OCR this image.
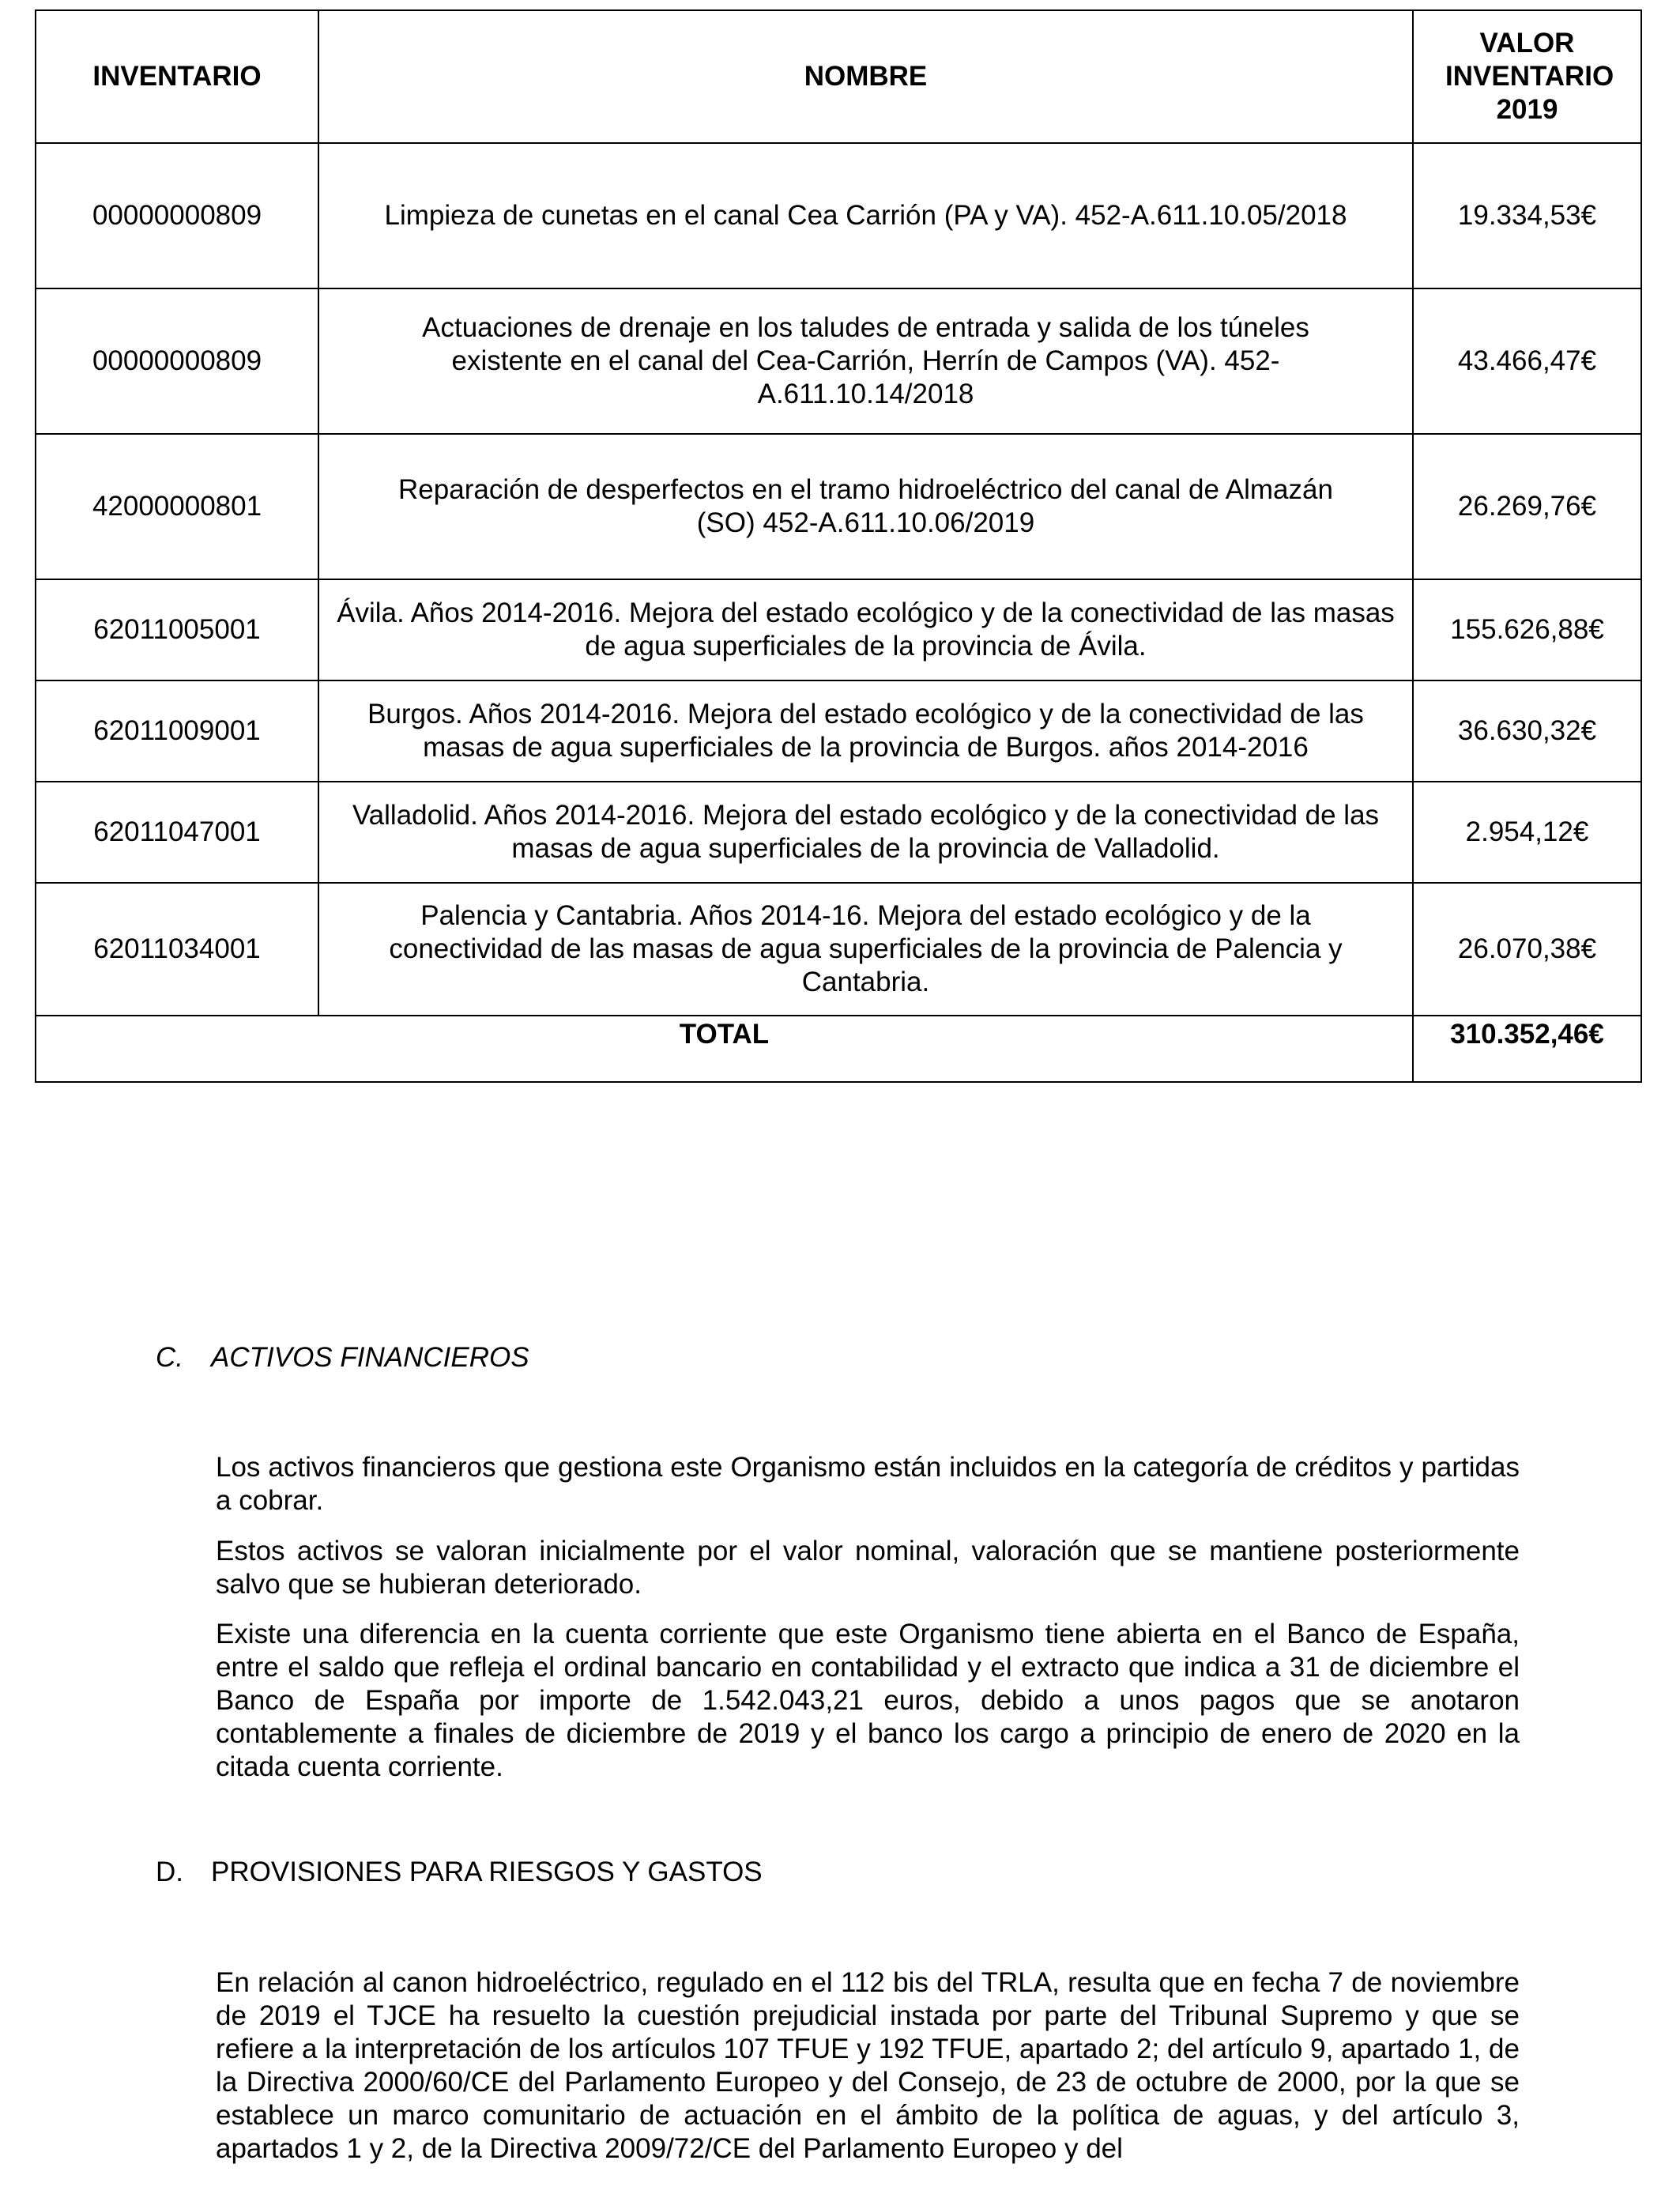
INVENTARIO	NOMBRE	VALOR INVENTARIO 2019
00000000809	Limpieza de cunetas en el canal Cea Carrión (PA y VA). 452-A.611.10.05/2018	19.334,53€
00000000809	Actuaciones de drenaje en los taludes de entrada y salida de los túneles existente en el canal del Cea-Carrión, Herrín de Campos (VA). 452-A.611.10.14/2018	43.466,47€
42000000801	Reparación de desperfectos en el tramo hidroeléctrico del canal de Almazán (SO) 452-A.611.10.06/2019	26.269,76€
62011005001	Ávila. Años 2014-2016. Mejora del estado ecológico y de la conectividad de las masas de agua superficiales de la provincia de Ávila.	155.626,88€
62011009001	Burgos. Años 2014-2016. Mejora del estado ecológico y de la conectividad de las masas de agua superficiales de la provincia de Burgos. años 2014-2016	36.630,32€
62011047001	Valladolid. Años 2014-2016. Mejora del estado ecológico y de la conectividad de las masas de agua superficiales de la provincia de Valladolid.	2.954,12€
62011034001	Palencia y Cantabria. Años 2014-16. Mejora del estado ecológico y de la conectividad de las masas de agua superficiales de la provincia de Palencia y Cantabria.	26.070,38€
TOTAL		310.352,46€
C. ACTIVOS FINANCIEROS
Los activos financieros que gestiona este Organismo están incluidos en la categoría de créditos y partidas a cobrar.
Estos activos se valoran inicialmente por el valor nominal, valoración que se mantiene posteriormente salvo que se hubieran deteriorado.
Existe una diferencia en la cuenta corriente que este Organismo tiene abierta en el Banco de España, entre el saldo que refleja el ordinal bancario en contabilidad y el extracto que indica a 31 de diciembre el Banco de España por importe de 1.542.043,21 euros, debido a unos pagos que se anotaron contablemente a finales de diciembre de 2019 y el banco los cargo a principio de enero de 2020 en la citada cuenta corriente.
D. PROVISIONES PARA RIESGOS Y GASTOS
En relación al canon hidroeléctrico, regulado en el 112 bis del TRLA, resulta que en fecha 7 de noviembre de 2019 el TJCE ha resuelto la cuestión prejudicial instada por parte del Tribunal Supremo y que se refiere a la interpretación de los artículos 107 TFUE y 192 TFUE, apartado 2; del artículo 9, apartado 1, de la Directiva 2000/60/CE del Parlamento Europeo y del Consejo, de 23 de octubre de 2000, por la que se establece un marco comunitario de actuación en el ámbito de la política de aguas, y del artículo 3, apartados 1 y 2, de la Directiva 2009/72/CE del Parlamento Europeo y del
